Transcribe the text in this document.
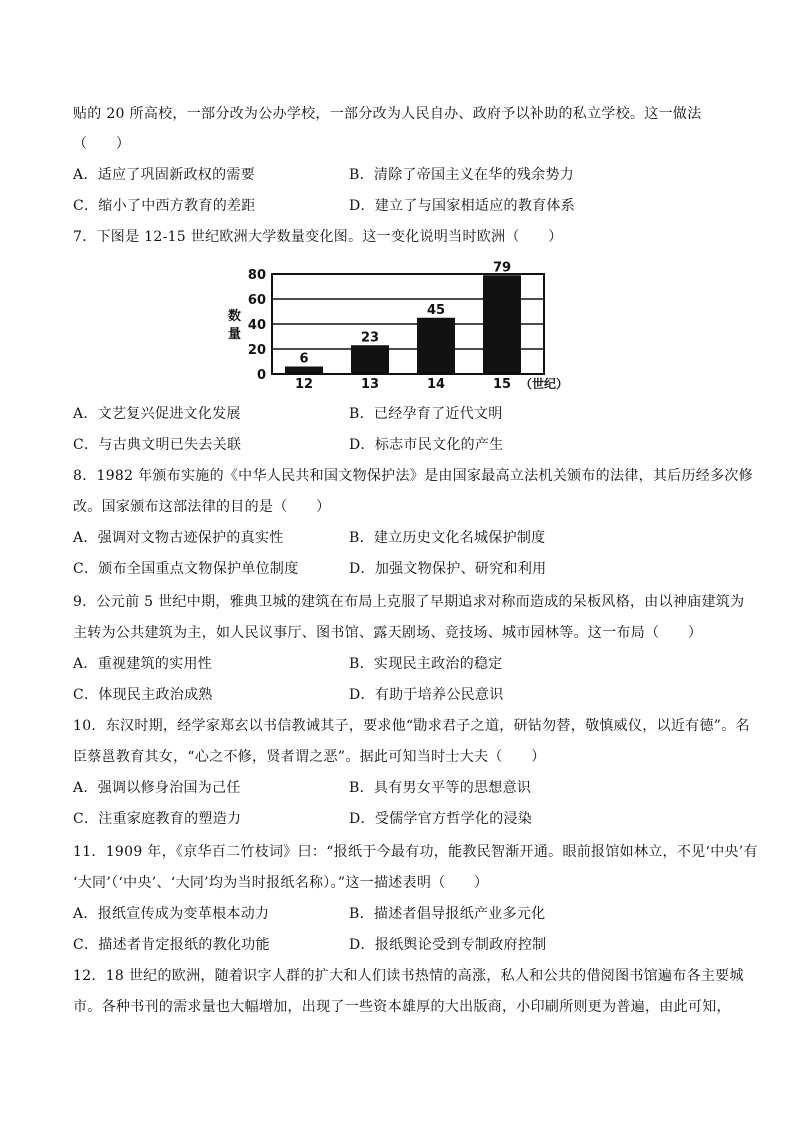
贴的 20 所高校，一部分改为公办学校，一部分改为人民自办、政府予以补助的私立学校。这一做法
（　　）
A．适应了巩固新政权的需要	B．清除了帝国主义在华的残余势力
C．缩小了中西方教育的差距	D．建立了与国家相适应的教育体系
7．下图是 12-15 世纪欧洲大学数量变化图。这一变化说明当时欧洲（　　）
0
20
40
60
80
6
23
45
79
12	13	14	15
数
量
（世纪）
A．文艺复兴促进文化发展	B．已经孕育了近代文明
C．与古典文明已失去关联	D．标志市民文化的产生
8．1982 年颁布实施的《中华人民共和国文物保护法》是由国家最高立法机关颁布的法律，其后历经多次修
改。国家颁布这部法律的目的是（　　）
A．强调对文物古迹保护的真实性	B．建立历史文化名城保护制度
C．颁布全国重点文物保护单位制度	D．加强文物保护、研究和利用
9．公元前 5 世纪中期，雅典卫城的建筑在布局上克服了早期追求对称而造成的呆板风格，由以神庙建筑为
主转为公共建筑为主，如人民议事厅、图书馆、露天剧场、竞技场、城市园林等。这一布局（　　）
A．重视建筑的实用性	B．实现民主政治的稳定
C．体现民主政治成熟	D．有助于培养公民意识
10．东汉时期，经学家郑玄以书信教诫其子，要求他“勖求君子之道，研钻勿替，敬慎威仪，以近有德”。名
臣蔡邕教育其女，“心之不修，贤者谓之恶”。据此可知当时士大夫（　　）
A．强调以修身治国为己任	B．具有男女平等的思想意识
C．注重家庭教育的塑造力	D．受儒学官方哲学化的浸染
11．1909 年，《京华百二竹枝词》曰：“报纸于今最有功，能教民智渐开通。眼前报馆如林立，不见‘中央’有
‘大同’（‘中央’、‘大同’均为当时报纸名称）。”这一描述表明（　　）
A．报纸宣传成为变革根本动力	B．描述者倡导报纸产业多元化
C．描述者肯定报纸的教化功能	D．报纸舆论受到专制政府控制
12．18 世纪的欧洲，随着识字人群的扩大和人们读书热情的高涨，私人和公共的借阅图书馆遍布各主要城
市。各种书刊的需求量也大幅增加，出现了一些资本雄厚的大出版商，小印刷所则更为普遍，由此可知，
